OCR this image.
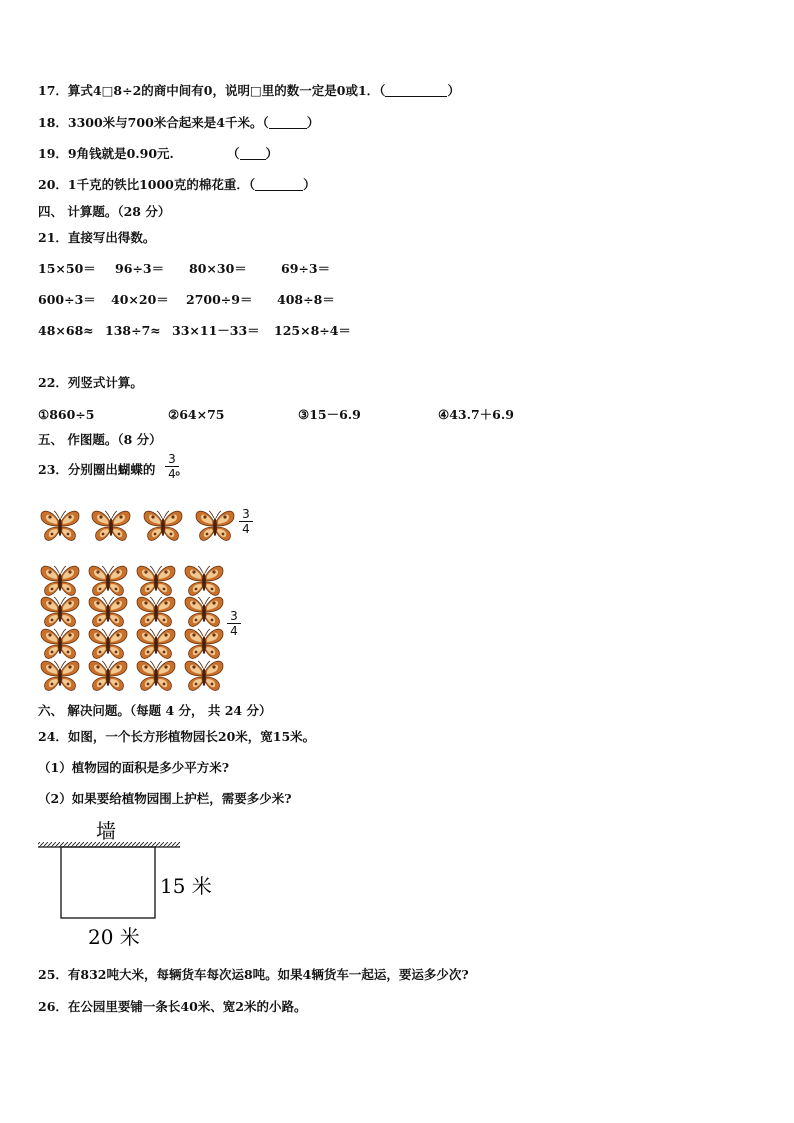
17．算式4□8÷2的商中间有0，说明□里的数一定是0或1．（	）
18．3300米与700米合起来是4千米。（	）
19．9角钱就是0.90元.	（ ）
20．1千克的铁比1000克的棉花重．（	）
四、 计算题。（28 分）
21．直接写出得数。
15×50＝ 96÷3＝ 80×30＝	69÷3＝
600÷3＝ 40×20＝ 2700÷9＝ 408÷8＝
48×68≈ 138÷7≈ 33×11－33＝ 125×8÷4＝
22．列竖式计算。
①860÷5	②64×75	③15－6.9	④43.7＋6.9
五、 作图题。（8 分）
23．分别圈出蝴蝶的 。
$\frac{3}{4}$
$\frac{3}{4}$
$\frac{3}{4}$
六、 解决问题。（每题 4 分， 共 24 分）
24．如图，一个长方形植物园长20米，宽15米。
（1）植物园的面积是多少平方米?
（2）如果要给植物园围上护栏，需要多少米?
墙
15 米
20 米
25．有832吨大米，每辆货车每次运8吨。如果4辆货车一起运，要运多少次?
26．在公园里要铺一条长40米、宽2米的小路。
